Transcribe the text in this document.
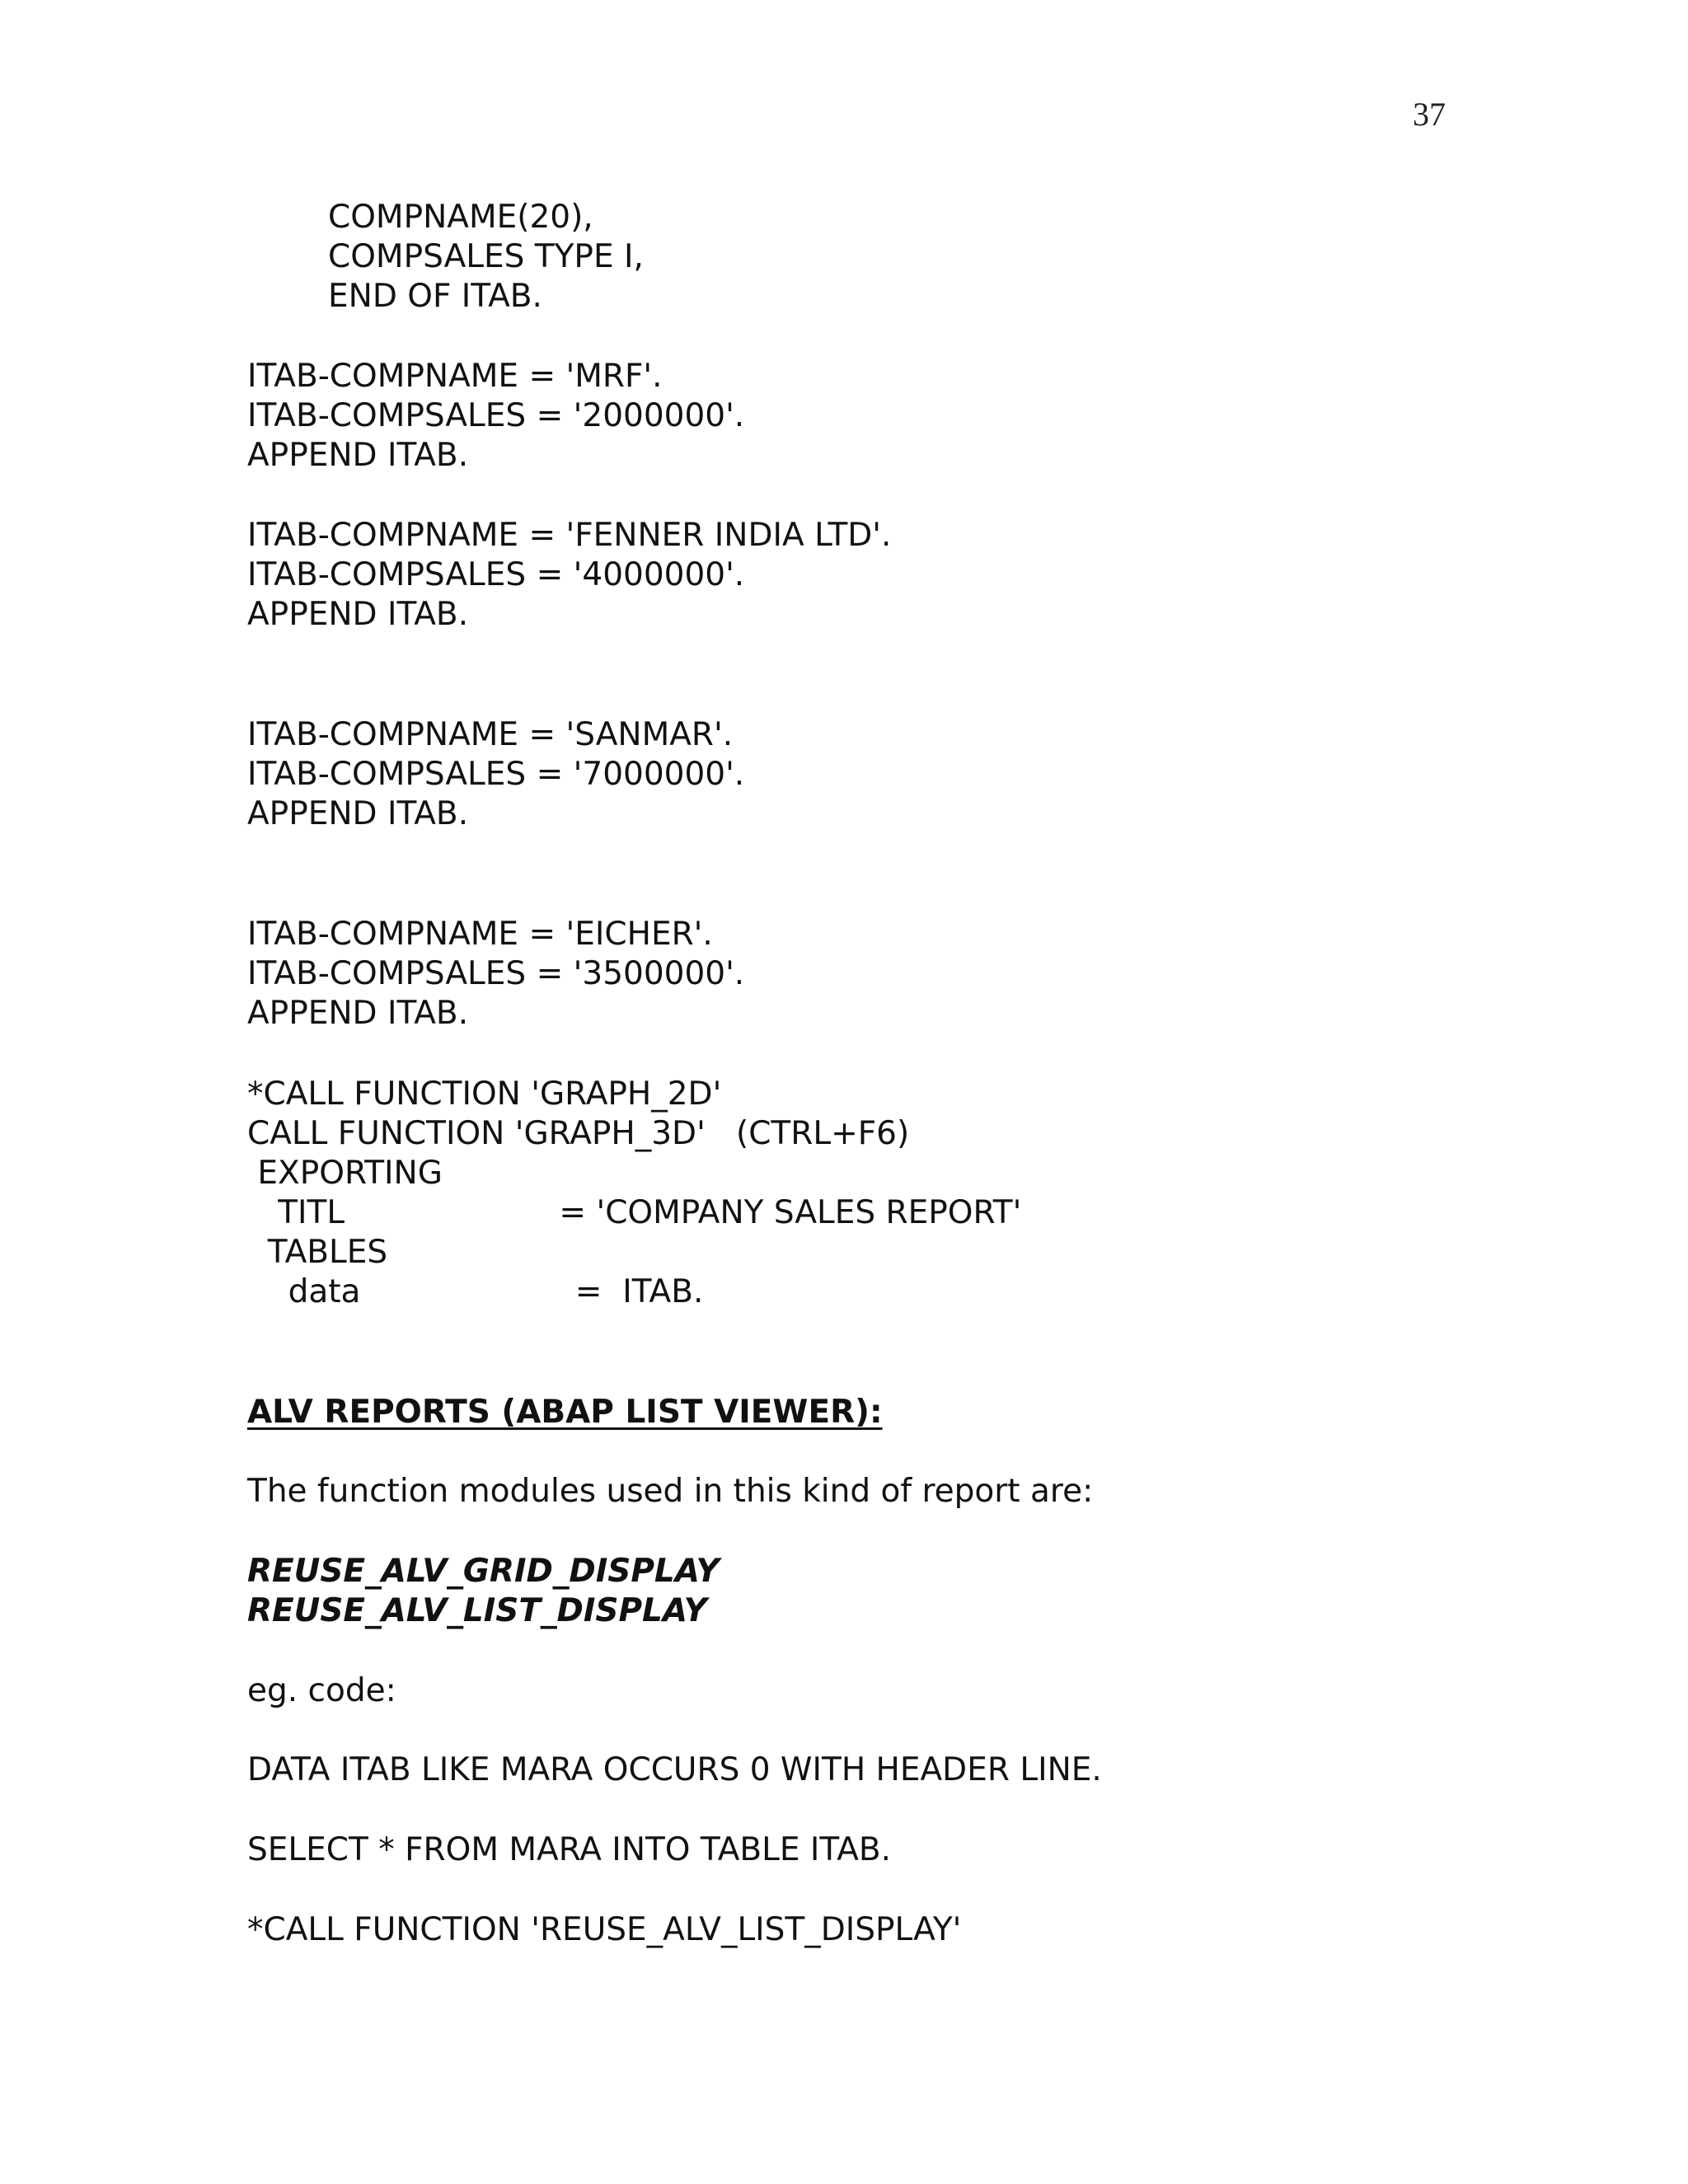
37
COMPNAME(20),
COMPSALES TYPE I,
END OF ITAB.
ITAB-COMPNAME = 'MRF'.
ITAB-COMPSALES = '2000000'.
APPEND ITAB.
ITAB-COMPNAME = 'FENNER INDIA LTD'.
ITAB-COMPSALES = '4000000'.
APPEND ITAB.
ITAB-COMPNAME = 'SANMAR'.
ITAB-COMPSALES = '7000000'.
APPEND ITAB.
ITAB-COMPNAME = 'EICHER'.
ITAB-COMPSALES = '3500000'.
APPEND ITAB.
*CALL FUNCTION 'GRAPH_2D'
CALL FUNCTION 'GRAPH_3D'   (CTRL+F6)
EXPORTING
TITL                     = 'COMPANY SALES REPORT'
TABLES
data                     =  ITAB.
ALV REPORTS (ABAP LIST VIEWER):
The function modules used in this kind of report are:
REUSE_ALV_GRID_DISPLAY
REUSE_ALV_LIST_DISPLAY
eg. code:
DATA ITAB LIKE MARA OCCURS 0 WITH HEADER LINE.
SELECT * FROM MARA INTO TABLE ITAB.
*CALL FUNCTION 'REUSE_ALV_LIST_DISPLAY'
